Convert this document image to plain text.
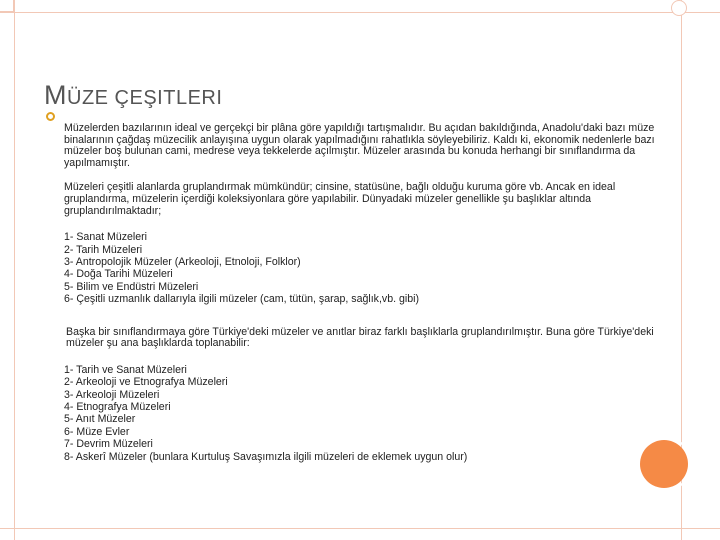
MÜZE ÇEŞITLERI

Müzelerden bazılarının ideal ve gerçekçi bir plâna göre yapıldığı tartışmalıdır. Bu açıdan bakıldığında, Anadolu'daki bazı müze binalarının çağdaş müzecilik anlayışına uygun olarak yapılmadığını rahatlıkla söyleyebiliriz. Kaldı ki, ekonomik nedenlerle bazı müzeler boş bulunan cami, medrese veya tekkelerde açılmıştır. Müzeler arasında bu konuda herhangi bir sınıflandırma da yapılmamıştır.

Müzeleri çeşitli alanlarda gruplandırmak mümkündür; cinsine, statüsüne, bağlı olduğu kuruma göre vb. Ancak en ideal gruplandırma, müzelerin içerdiği koleksiyonlara göre yapılabilir. Dünyadaki müzeler genellikle şu başlıklar altında gruplandırılmaktadır;

1- Sanat Müzeleri
2- Tarih Müzeleri
3- Antropolojik Müzeler (Arkeoloji, Etnoloji, Folklor)
4- Doğa Tarihi Müzeleri
5- Bilim ve Endüstri Müzeleri
6- Çeşitli uzmanlık dallarıyla ilgili müzeler (cam, tütün, şarap, sağlık,vb. gibi)

Başka bir sınıflandırmaya göre Türkiye'deki müzeler ve anıtlar biraz farklı başlıklarla gruplandırılmıştır. Buna göre Türkiye'deki müzeler şu ana başlıklarda toplanabilir:

1- Tarih ve Sanat Müzeleri
2- Arkeoloji ve Etnografya Müzeleri
3- Arkeoloji Müzeleri
4- Etnografya Müzeleri
5- Anıt Müzeler
6- Müze Evler
7- Devrim Müzeleri
8- Askerî Müzeler (bunlara Kurtuluş Savaşımızla ilgili müzeleri de eklemek uygun olur)
